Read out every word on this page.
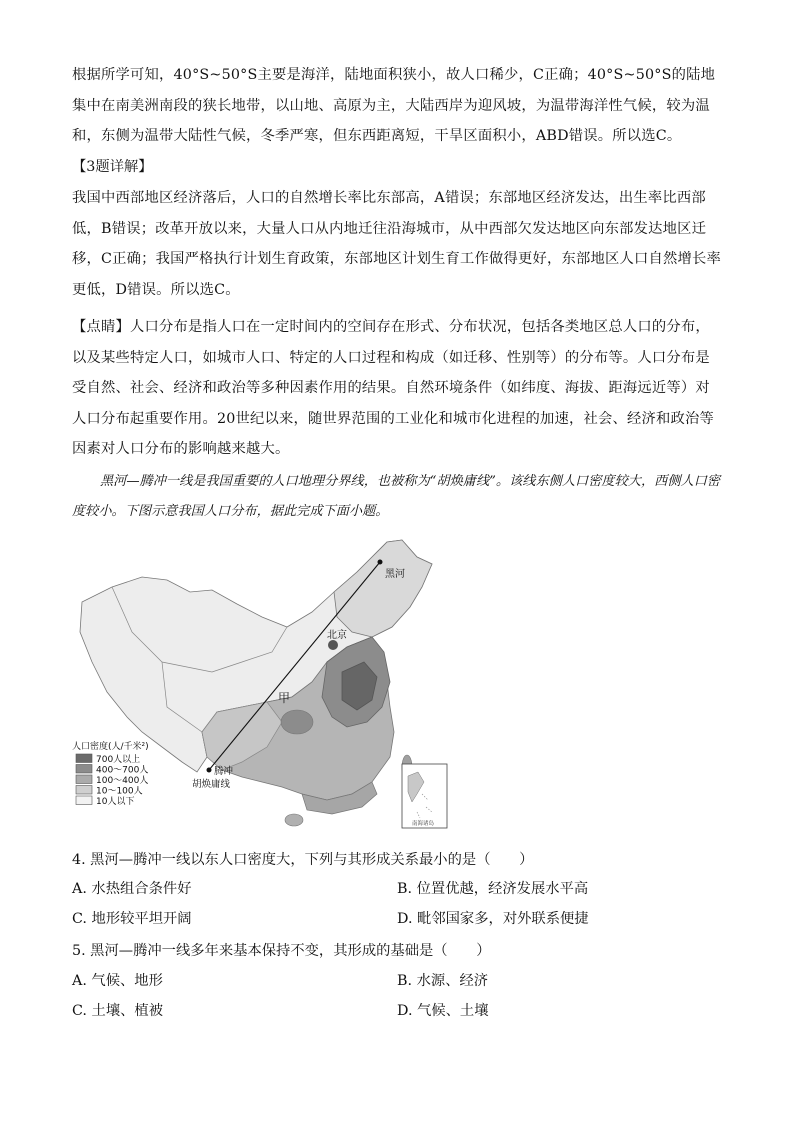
根据所学可知，40°S~50°S主要是海洋，陆地面积狭小，故人口稀少，C正确；40°S~50°S的陆地集中在南美洲南段的狭长地带，以山地、高原为主，大陆西岸为迎风坡，为温带海洋性气候，较为温和，东侧为温带大陆性气候，冬季严寒，但东西距离短，干旱区面积小，ABD错误。所以选C。
【3题详解】
我国中西部地区经济落后，人口的自然增长率比东部高，A错误；东部地区经济发达，出生率比西部低，B错误；改革开放以来，大量人口从内地迁往沿海城市，从中西部欠发达地区向东部发达地区迁移，C正确；我国严格执行计划生育政策，东部地区计划生育工作做得更好，东部地区人口自然增长率更低，D错误。所以选C。
【点睛】人口分布是指人口在一定时间内的空间存在形式、分布状况，包括各类地区总人口的分布，以及某些特定人口，如城市人口、特定的人口过程和构成（如迁移、性别等）的分布等。人口分布是受自然、社会、经济和政治等多种因素作用的结果。自然环境条件（如纬度、海拔、距海远近等）对人口分布起重要作用。20世纪以来，随世界范围的工业化和城市化进程的加速，社会、经济和政治等因素对人口分布的影响越来越大。
黑河—腾冲一线是我国重要的人口地理分界线，也被称为“胡焕庸线”。该线东侧人口密度较大，西侧人口密度较小。下图示意我国人口分布，据此完成下面小题。
黑河
北京
甲
腾冲
胡焕庸线
人口密度(人/千米²)
700人以上
400～700人
100～400人
10～100人
10人以下
南海诸岛
4. 黑河—腾冲一线以东人口密度大，下列与其形成关系最小的是（　　）
A. 水热组合条件好	B. 位置优越，经济发展水平高
C. 地形较平坦开阔	D. 毗邻国家多，对外联系便捷
5. 黑河—腾冲一线多年来基本保持不变，其形成的基础是（　　）
A. 气候、地形	B. 水源、经济
C. 土壤、植被	D. 气候、土壤
